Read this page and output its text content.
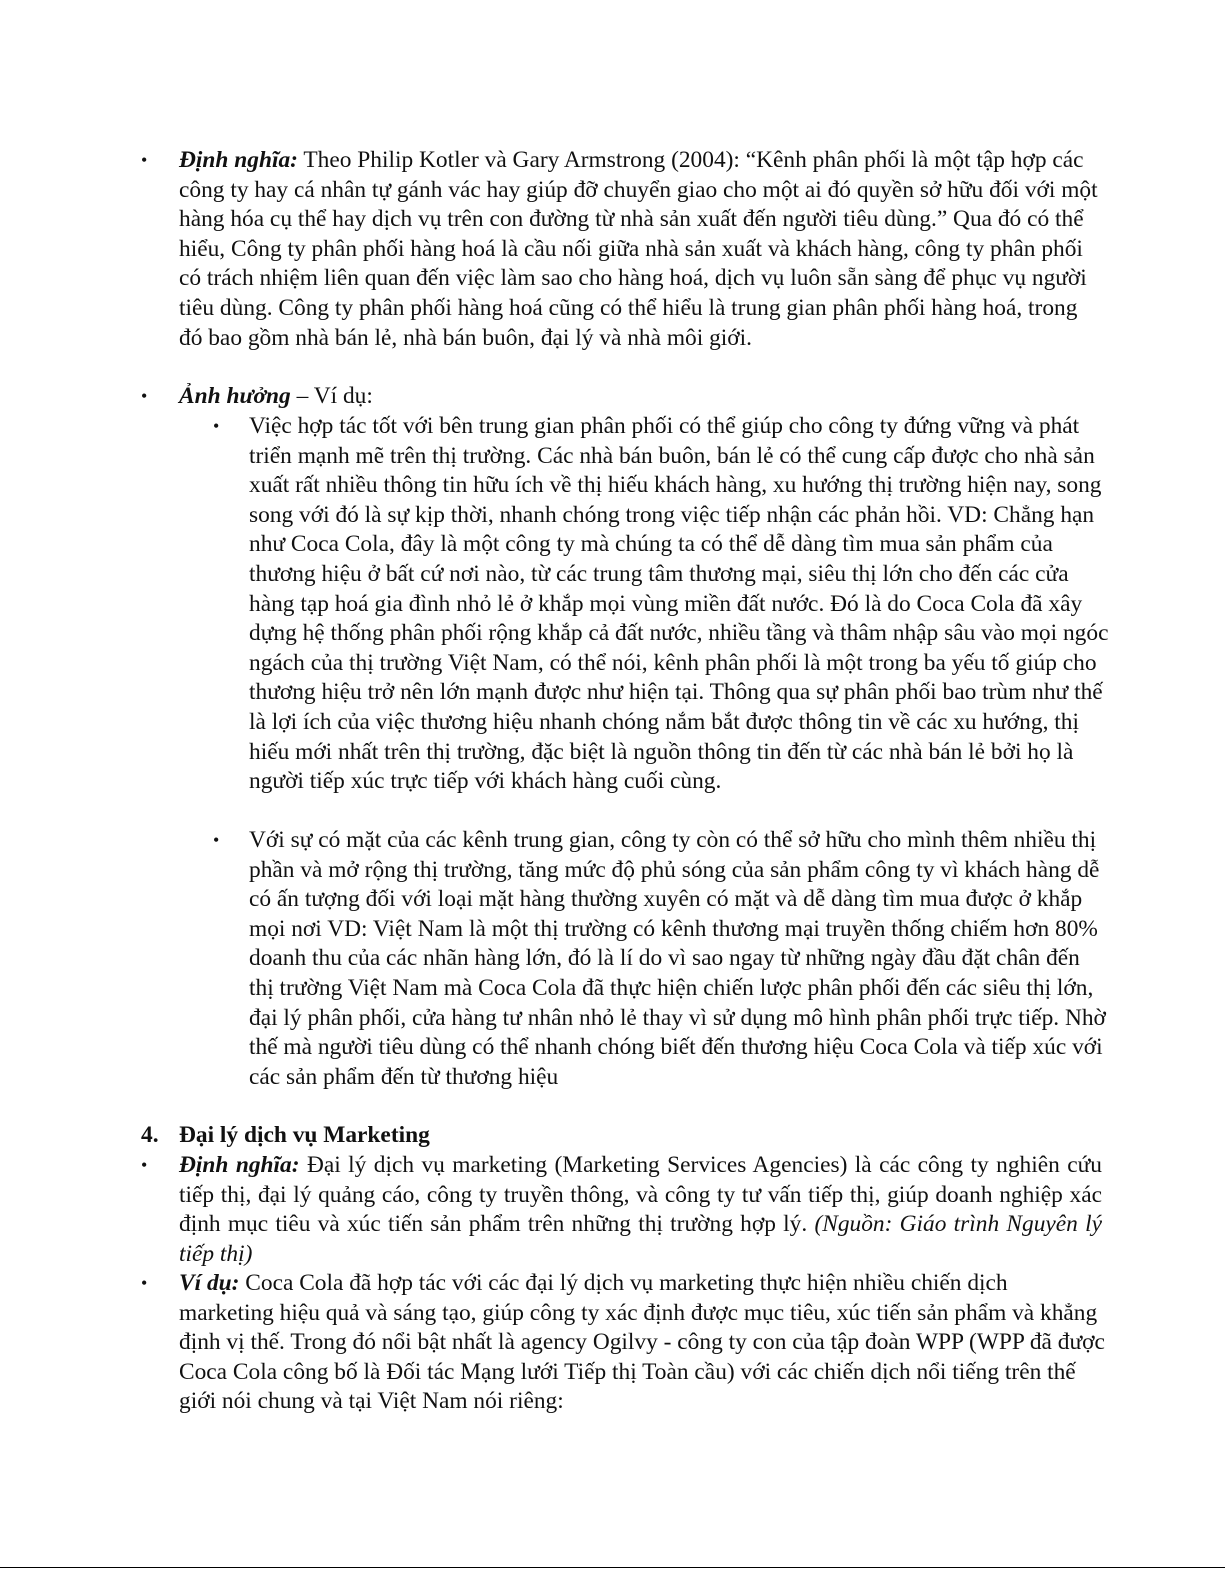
• Định nghĩa: Theo Philip Kotler và Gary Armstrong (2004): “Kênh phân phối là một tập hợp các công ty hay cá nhân tự gánh vác hay giúp đỡ chuyển giao cho một ai đó quyền sở hữu đối với một hàng hóa cụ thể hay dịch vụ trên con đường từ nhà sản xuất đến người tiêu dùng.” Qua đó có thể hiểu, Công ty phân phối hàng hoá là cầu nối giữa nhà sản xuất và khách hàng, công ty phân phối có trách nhiệm liên quan đến việc làm sao cho hàng hoá, dịch vụ luôn sẵn sàng để phục vụ người tiêu dùng. Công ty phân phối hàng hoá cũng có thể hiểu là trung gian phân phối hàng hoá, trong đó bao gồm nhà bán lẻ, nhà bán buôn, đại lý và nhà môi giới.
• Ảnh hưởng – Ví dụ:
• Việc hợp tác tốt với bên trung gian phân phối có thể giúp cho công ty đứng vững và phát triển mạnh mẽ trên thị trường. Các nhà bán buôn, bán lẻ có thể cung cấp được cho nhà sản xuất rất nhiều thông tin hữu ích về thị hiếu khách hàng, xu hướng thị trường hiện nay, song song với đó là sự kịp thời, nhanh chóng trong việc tiếp nhận các phản hồi. VD: Chẳng hạn như Coca Cola, đây là một công ty mà chúng ta có thể dễ dàng tìm mua sản phẩm của thương hiệu ở bất cứ nơi nào, từ các trung tâm thương mại, siêu thị lớn cho đến các cửa hàng tạp hoá gia đình nhỏ lẻ ở khắp mọi vùng miền đất nước. Đó là do Coca Cola đã xây dựng hệ thống phân phối rộng khắp cả đất nước, nhiều tầng và thâm nhập sâu vào mọi ngóc ngách của thị trường Việt Nam, có thể nói, kênh phân phối là một trong ba yếu tố giúp cho thương hiệu trở nên lớn mạnh được như hiện tại. Thông qua sự phân phối bao trùm như thế là lợi ích của việc thương hiệu nhanh chóng nắm bắt được thông tin về các xu hướng, thị hiếu mới nhất trên thị trường, đặc biệt là nguồn thông tin đến từ các nhà bán lẻ bởi họ là người tiếp xúc trực tiếp với khách hàng cuối cùng.
• Với sự có mặt của các kênh trung gian, công ty còn có thể sở hữu cho mình thêm nhiều thị phần và mở rộng thị trường, tăng mức độ phủ sóng của sản phẩm công ty vì khách hàng dễ có ấn tượng đối với loại mặt hàng thường xuyên có mặt và dễ dàng tìm mua được ở khắp mọi nơi VD: Việt Nam là một thị trường có kênh thương mại truyền thống chiếm hơn 80% doanh thu của các nhãn hàng lớn, đó là lí do vì sao ngay từ những ngày đầu đặt chân đến thị trường Việt Nam mà Coca Cola đã thực hiện chiến lược phân phối đến các siêu thị lớn, đại lý phân phối, cửa hàng tư nhân nhỏ lẻ thay vì sử dụng mô hình phân phối trực tiếp. Nhờ thế mà người tiêu dùng có thể nhanh chóng biết đến thương hiệu Coca Cola và tiếp xúc với các sản phẩm đến từ thương hiệu
4. Đại lý dịch vụ Marketing
• Định nghĩa: Đại lý dịch vụ marketing (Marketing Services Agencies) là các công ty nghiên cứu tiếp thị, đại lý quảng cáo, công ty truyền thông, và công ty tư vấn tiếp thị, giúp doanh nghiệp xác định mục tiêu và xúc tiến sản phẩm trên những thị trường hợp lý. (Nguồn: Giáo trình Nguyên lý tiếp thị)
• Ví dụ: Coca Cola đã hợp tác với các đại lý dịch vụ marketing thực hiện nhiều chiến dịch marketing hiệu quả và sáng tạo, giúp công ty xác định được mục tiêu, xúc tiến sản phẩm và khẳng định vị thế. Trong đó nổi bật nhất là agency Ogilvy - công ty con của tập đoàn WPP (WPP đã được Coca Cola công bố là Đối tác Mạng lưới Tiếp thị Toàn cầu) với các chiến dịch nổi tiếng trên thế giới nói chung và tại Việt Nam nói riêng:
